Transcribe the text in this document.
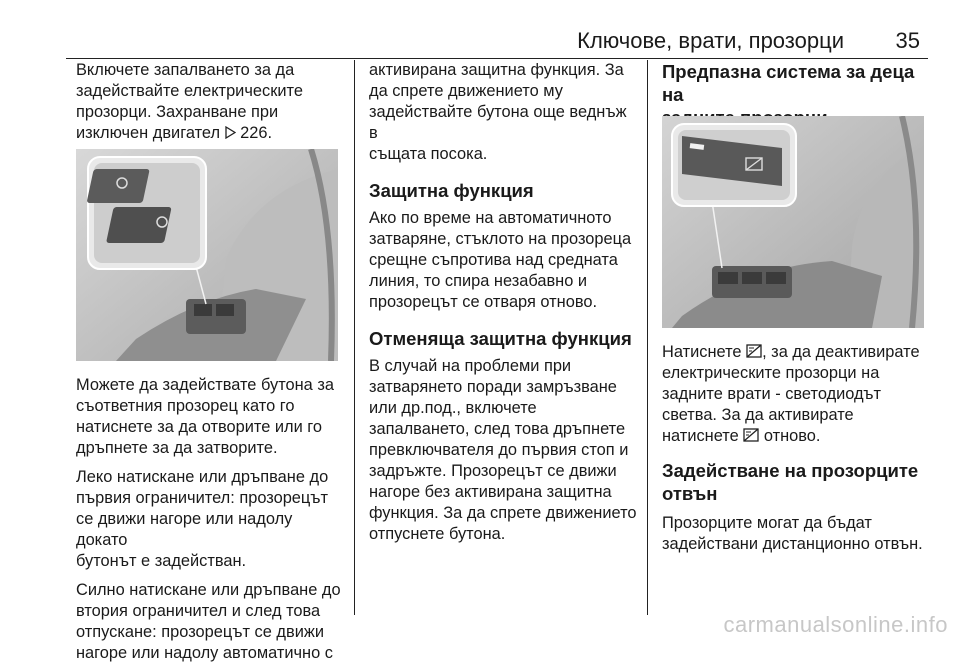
Ключове, врати, прозорци 35

Включете запалването за да
задействайте електрическите
прозорци. Захранване при
изключен двигател  226.

Можете да задействате бутона за
съответния прозорец като го
натиснете за да отворите или го
дръпнете за да затворите.

Леко натискане или дръпване до
първия ограничител: прозорецът
се движи нагоре или надолу докато
бутонът е задействан.

Силно натискане или дръпване до
втория ограничител и след това
отпускане: прозорецът се движи
нагоре или надолу автоматично с

активирана защитна функция. За
да спрете движението му
задействайте бутона още веднъж в
същата посока.

Защитна функция

Ако по време на автоматичното
затваряне, стъклото на прозореца
срещне съпротива над средната
линия, то спира незабавно и
прозорецът се отваря отново.

Отменяща защитна функция

В случай на проблеми при
затварянето поради замръзване
или др.под., включете
запалването, след това дръпнете
превключвателя до първия стоп и
задръжте. Прозорецът се движи
нагоре без активирана защитна
функция. За да спрете движението
отпуснете бутона.

Предпазна система за деца на

Натиснете , за да деактивирате
електрическите прозорци на
задните врати - светодиодът
светва. За да активирате
натиснете  отново.

Задействане на прозорците
отвън

Прозорците могат да бъдат
задействани дистанционно отвън.

carmanualsonline.info
